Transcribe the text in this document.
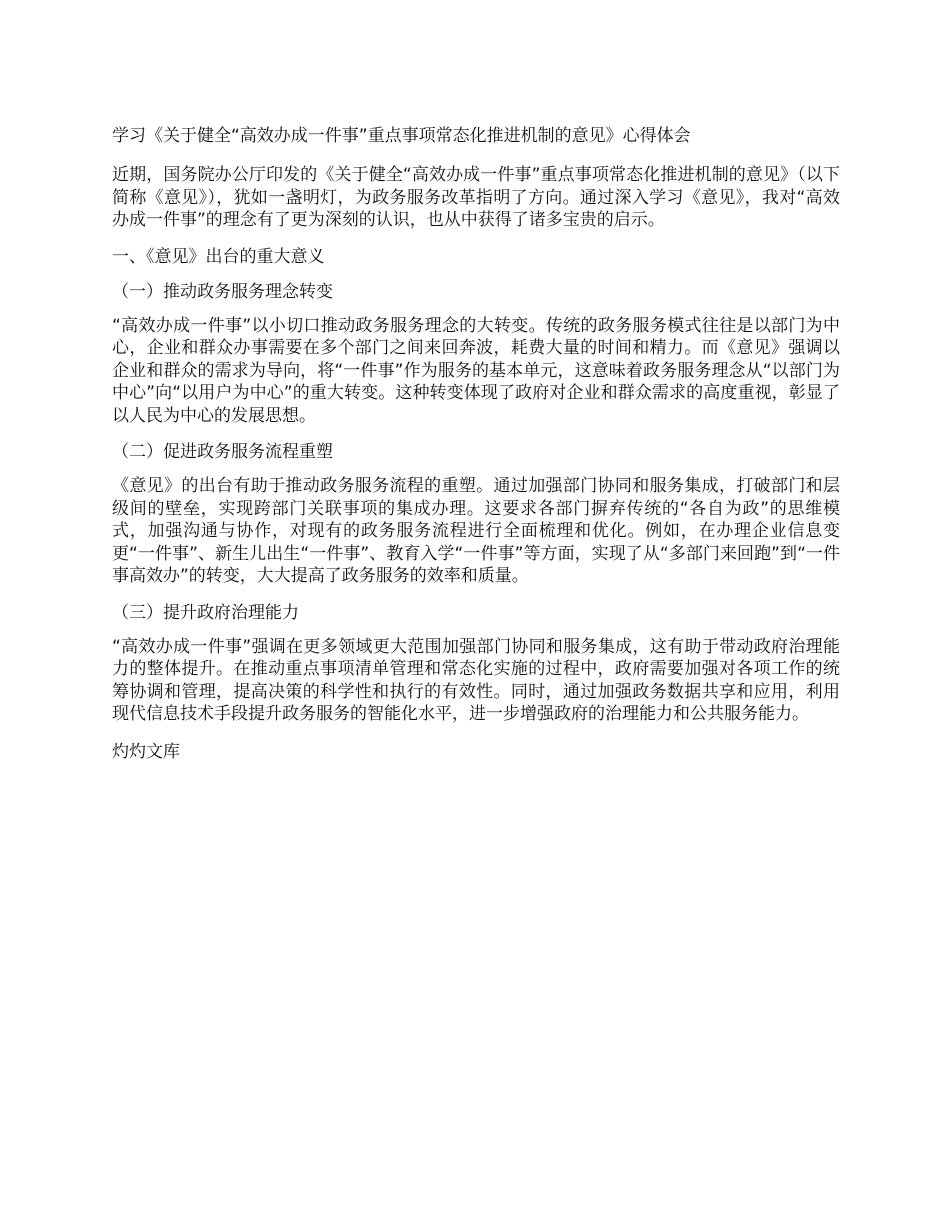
学习《关于健全“高效办成一件事”重点事项常态化推进机制的意见》心得体会

近期，国务院办公厅印发的《关于健全“高效办成一件事”重点事项常态化推进机制的意见》（以下简称《意见》），犹如一盏明灯，为政务服务改革指明了方向。通过深入学习《意见》，我对“高效办成一件事”的理念有了更为深刻的认识，也从中获得了诸多宝贵的启示。

一、《意见》出台的重大意义
（一）推动政务服务理念转变

“高效办成一件事”以小切口推动政务服务理念的大转变。传统的政务服务模式往往是以部门为中心，企业和群众办事需要在多个部门之间来回奔波，耗费大量的时间和精力。而《意见》强调以企业和群众的需求为导向，将“一件事”作为服务的基本单元，这意味着政务服务理念从“以部门为中心”向“以用户为中心”的重大转变。这种转变体现了政府对企业和群众需求的高度重视，彰显了以人民为中心的发展思想。

（二）促进政务服务流程重塑

《意见》的出台有助于推动政务服务流程的重塑。通过加强部门协同和服务集成，打破部门和层级间的壁垒，实现跨部门关联事项的集成办理。这要求各部门摒弃传统的“各自为政”的思维模式，加强沟通与协作，对现有的政务服务流程进行全面梳理和优化。例如，在办理企业信息变更“一件事”、新生儿出生“一件事”、教育入学“一件事”等方面，实现了从“多部门来回跑”到“一件事高效办”的转变，大大提高了政务服务的效率和质量。

（三）提升政府治理能力

“高效办成一件事”强调在更多领域更大范围加强部门协同和服务集成，这有助于带动政府治理能力的整体提升。在推动重点事项清单管理和常态化实施的过程中，政府需要加强对各项工作的统筹协调和管理，提高决策的科学性和执行的有效性。同时，通过加强政务数据共享和应用，利用现代信息技术手段提升政务服务的智能化水平，进一步增强政府的治理能力和公共服务能力。

灼灼文库
